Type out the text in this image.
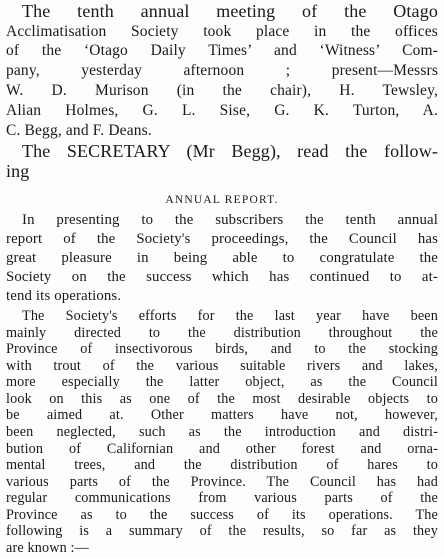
The tenth annual meeting of the Otago
Acclimatisation Society took place in the offices
of the ‘Otago Daily Times’ and ‘Witness’ Com-
pany, yesterday afternoon ; present—Messrs
W. D. Murison (in the chair), H. Tewsley,
Alian Holmes, G. L. Sise, G. K. Turton, A.
C. Begg, and F. Deans.
The SECRETARY (Mr Begg), read the follow-
ing
ANNUAL REPORT.
In presenting to the subscribers the tenth annual
report of the Society's proceedings, the Council has
great pleasure in being able to congratulate the
Society on the success which has continued to at-
tend its operations.
The Society's efforts for the last year have been
mainly directed to the distribution throughout the
Province of insectivorous birds, and to the stocking
with trout of the various suitable rivers and lakes,
more especially the latter object, as the Council
look on this as one of the most desirable objects to
be aimed at. Other matters have not, however,
been neglected, such as the introduction and distri-
bution of Californian and other forest and orna-
mental trees, and the distribution of hares to
various parts of the Province. The Council has had
regular communications from various parts of the
Province as to the success of its operations. The
following is a summary of the results, so far as they
are known :—
